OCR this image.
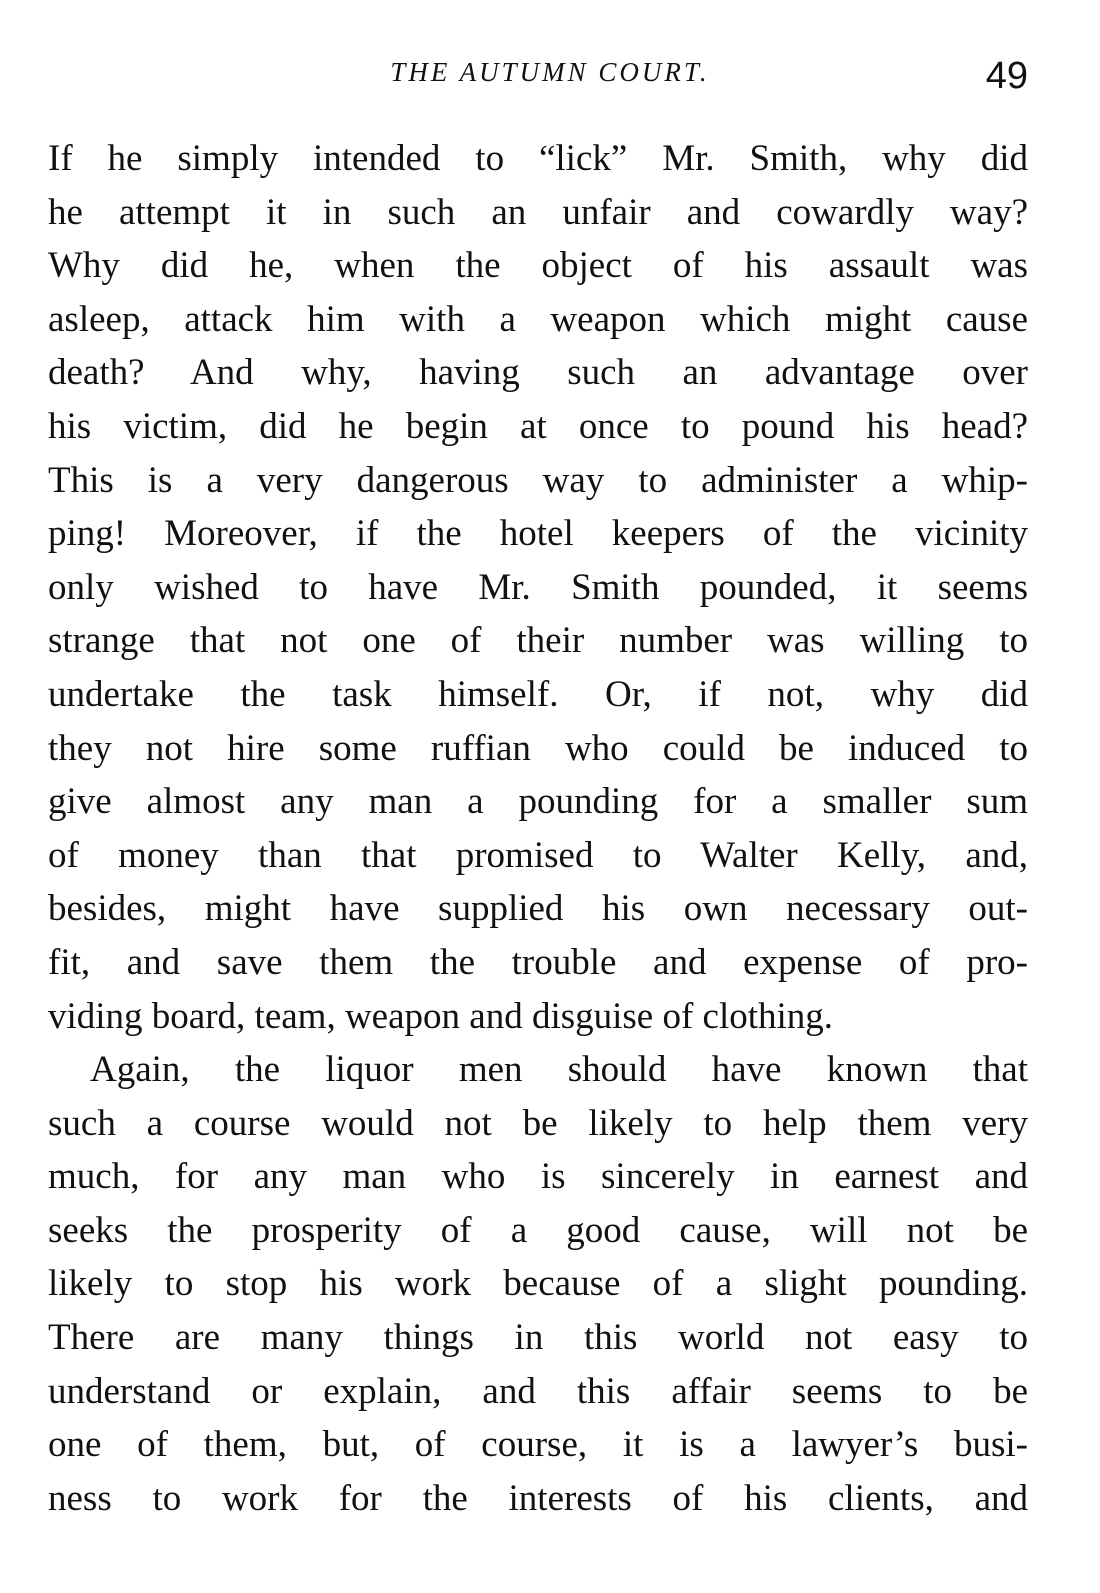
THE AUTUMN COURT.	49
If he simply intended to “lick” Mr. Smith, why did
he attempt it in such an unfair and cowardly way?
Why did he, when the object of his assault was
asleep, attack him with a weapon which might cause
death? And why, having such an advantage over
his victim, did he begin at once to pound his head?
This is a very dangerous way to administer a whip-
ping! Moreover, if the hotel keepers of the vicinity
only wished to have Mr. Smith pounded, it seems
strange that not one of their number was willing to
undertake the task himself. Or, if not, why did
they not hire some ruffian who could be induced to
give almost any man a pounding for a smaller sum
of money than that promised to Walter Kelly, and,
besides, might have supplied his own necessary out-
fit, and save them the trouble and expense of pro-
viding board, team, weapon and disguise of clothing.
Again, the liquor men should have known that
such a course would not be likely to help them very
much, for any man who is sincerely in earnest and
seeks the prosperity of a good cause, will not be
likely to stop his work because of a slight pounding.
There are many things in this world not easy to
understand or explain, and this affair seems to be
one of them, but, of course, it is a lawyer’s busi-
ness to work for the interests of his clients, and
